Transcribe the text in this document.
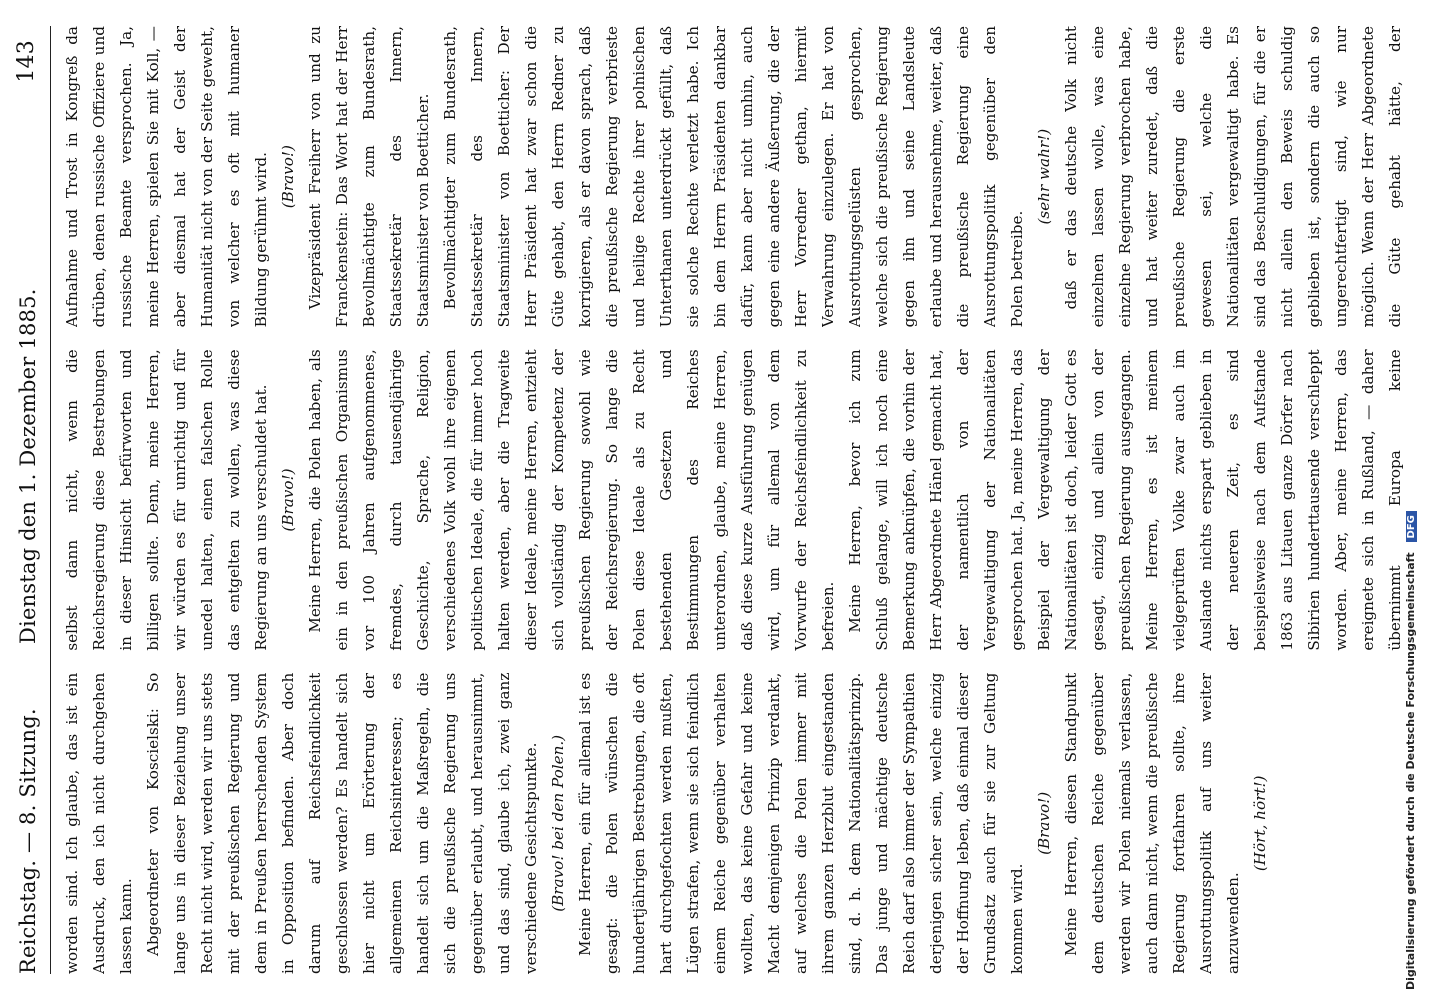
Reichstag. — 8. Sitzung.
Dienstag den 1. Dezember 1885.
143

worden sind. Ich glaube, das ist ein Ausdruck, den ich nicht durchgehen lassen kann. Abgeordneter von Koscielski: So lange uns in dieser Beziehung unser Recht nicht wird, werden wir uns stets mit der preußischen Regierung und dem in Preußen herrschenden System in Opposition befinden. Aber doch darum auf Reichsfeindlichkeit geschlossen werden? Es handelt sich hier nicht um Erörterung der allgemeinen Reichsinteressen; es handelt sich um die Maßregeln, die sich die preußische Regierung uns gegenüber erlaubt, und herausnimmt, und das sind, glaube ich, zwei ganz verschiedene Gesichtspunkte. (Bravo! bei den Polen.) Meine Herren, ein für allemal ist es gesagt: die Polen wünschen die hundertjährigen Bestrebungen, die oft hart durchgefochten werden mußten, Lügen strafen, wenn sie sich feindlich einem Reiche gegenüber verhalten wollten, das keine Gefahr und keine Macht demjenigen Prinzip verdankt, auf welches die Polen immer mit ihrem ganzen Herzblut eingestanden sind, d. h. dem Nationalitätsprinzip. Das junge und mächtige deutsche Reich darf also immer der Sympathien derjenigen sicher sein, welche einzig der Hoffnung leben, daß einmal dieser Grundsatz auch für sie zur Geltung kommen wird.

(Bravo!) Meine Herren, diesen Standpunkt dem deutschen Reiche gegenüber werden wir Polen niemals verlassen, auch dann nicht, wenn die preußische Regierung fortfahren sollte, ihre Ausrottungspolitik auf uns weiter anzuwenden.

(Hört, hört!)

selbst dann nicht, wenn die Reichsregierung diese Bestrebungen in dieser Hinsicht befürworten und billigen sollte. Denn, meine Herren, wir würden es für unrichtig und für unedel halten, einen falschen Rolle das entgelten zu wollen, was diese Regierung an uns verschuldet hat. (Bravo!) Meine Herren, die Polen haben, als ein in den preußischen Organismus vor 100 Jahren aufgenommenes, fremdes, durch tausendjährige Geschichte, Sprache, Religion, verschiedenes Volk wohl ihre eigenen politischen Ideale, die für immer hoch halten werden, aber die Tragweite dieser Ideale, meine Herren, entzieht sich vollständig der Kompetenz der preußischen Regierung sowohl wie der Reichsregierung. So lange die Polen diese Ideale als zu Recht bestehenden Gesetzen und Bestimmungen des Reiches unterordnen, glaube, meine Herren, daß diese kurze Ausführung genügen wird, um für allemal von dem Vorwurfe der Reichsfeindlichkeit zu befreien. Meine Herren, bevor ich zum Schluß gelange, will ich noch eine Bemerkung anknüpfen, die vorhin der Herr Abgeordnete Hänel gemacht hat, der namentlich von der Vergewaltigung der Nationalitäten gesprochen hat. Ja, meine Herren, das Beispiel der Vergewaltigung der Nationalitäten ist doch, leider Gott es gesagt, einzig und allein von der preußischen Regierung ausgegangen. Meine Herren, es ist meinem vielgeprüften Volke zwar auch im Auslande nichts erspart geblieben in der neueren Zeit, es sind beispielsweise nach dem Aufstande 1863 aus Litauen ganze Dörfer nach Sibirien hunderttausende verschleppt worden. Aber, meine Herren, das ereignete sich in Rußland, — daher übernimmt Europa keine

Aufnahme und Trost in Kongreß da drüben, denen russische Offiziere und russische Beamte versprochen. Ja, meine Herren, spielen Sie mit Koll, — aber diesmal hat der Geist der Humanität nicht von der Seite geweht, von welcher es oft mit humaner Bildung gerühmt wird. (Bravo!) Vizepräsident Freiherr von und zu Franckenstein: Das Wort hat der Herr Bevollmächtigte zum Bundesrath, Staatssekretär des Innern, Staatsminister von Boetticher. Bevollmächtigter zum Bundesrath, Staatssekretär des Innern, Staatsminister von Boetticher: Der Herr Präsident hat zwar schon die Güte gehabt, den Herrn Redner zu korrigieren, als er davon sprach, daß die preußische Regierung verbrieste und heilige Rechte ihrer polnischen Unterthanen unterdrückt gefüllt, daß sie solche Rechte verletzt habe. Ich bin dem Herrn Präsidenten dankbar dafür, kann aber nicht umhin, auch gegen eine andere Äußerung, die der Herr Vorredner gethan, hiermit Verwahrung einzulegen. Er hat von Ausrottungsgelüsten gesprochen, welche sich die preußische Regierung gegen ihn und seine Landsleute erlaube und herausnehme, weiter, daß die preußische Regierung eine Ausrottungspolitik gegenüber den Polen betreibe.

(sehr wahr!)

daß er das deutsche Volk nicht einzelnen lassen wolle, was eine einzelne Regierung verbrochen habe, und hat weiter zuredet, daß die preußische Regierung die erste gewesen sei, welche die Nationalitäten vergewaltigt habe. Es sind das Beschuldigungen, für die er nicht allein den Beweis schuldig geblieben ist, sondern die auch so ungerechtfertigt sind, wie nur möglich. Wenn der Herr Abgeordnete die Güte gehabt hätte, der

Digitalisierung gefördert durch die Deutsche Forschungsgemeinschaft DFG
